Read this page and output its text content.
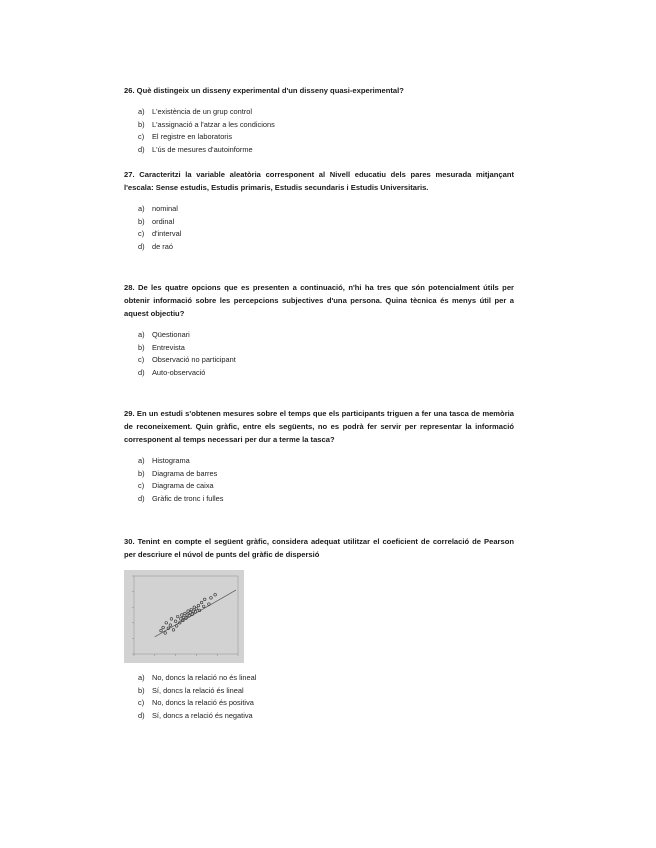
26. Què distingeix un disseny experimental d'un disseny quasi-experimental?

a)	L'existència de un grup control
b)	L'assignació a l'atzar a les condicions
c)	El registre en laboratoris
d)	L'ús de mesures d'autoinforme

27. Caracteritzi la variable aleatòria corresponent al Nivell educatiu dels pares mesurada mitjançant l'escala: Sense estudis, Estudis primaris, Estudis secundaris i Estudis Universitaris.

a)	nominal
b)	ordinal
c)	d'interval
d)	de raó

28. De les quatre opcions que es presenten a continuació, n'hi ha tres que són potencialment útils per obtenir informació sobre les percepcions subjectives d'una persona. Quina tècnica és menys útil per a aquest objectiu?

a)	Qüestionari
b)	Entrevista
c)	Observació no participant
d)	Auto-observació

29. En un estudi s'obtenen mesures sobre el temps que els participants triguen a fer una tasca de memòria de reconeixement. Quin gràfic, entre els següents, no es podrà fer servir per representar la informació corresponent al temps necessari per dur a terme la tasca?

a)	Histograma
b)	Diagrama de barres
c)	Diagrama de caixa
d)	Gràfic de tronc i fulles

30. Tenint en compte el següent gràfic, considera adequat utilitzar el coeficient de correlació de Pearson per descriure el núvol de punts del gràfic de dispersió

a)	No, doncs la relació no és lineal
b)	Sí, doncs la relació és lineal
c)	No, doncs la relació és positiva
d)	Sí, doncs a relació és negativa
